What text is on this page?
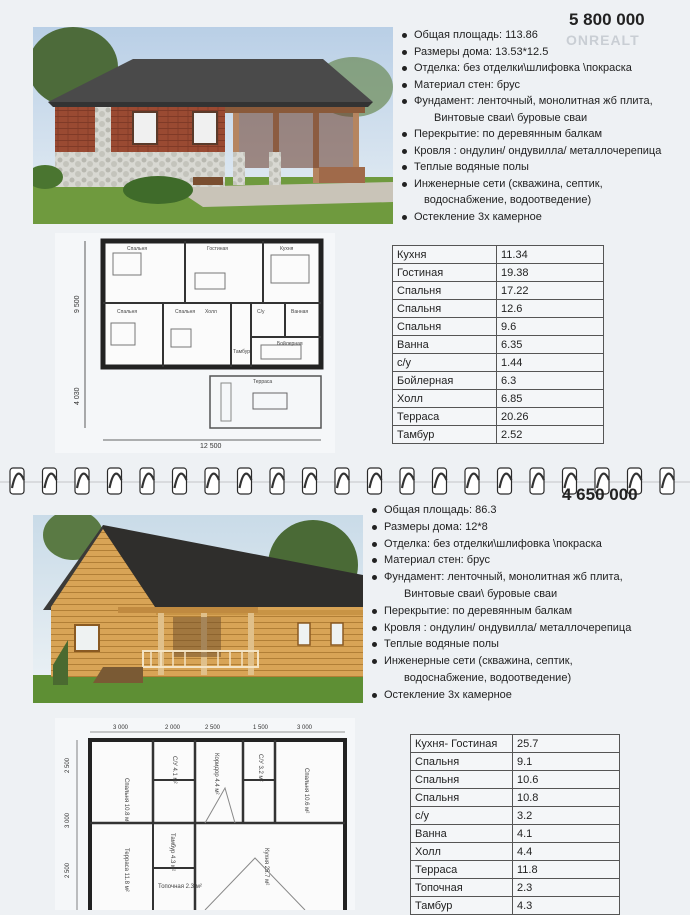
5 800 000
ONREALT
Общая площадь: 113.86
Размеры дома: 13.53*12.5
Отделка: без отделки\шлифовка \покраска
Материал стен: брус
Фундамент: ленточный, монолитная жб плита,
Винтовые сваи\ буровые сваи
Перекрытие: по деревянным балкам
Кровля : ондулин/ ондувилла/ металлочерепица
Теплые водяные полы
Инженерные сети (скважина, септик,
водоснабжение, водоотведение)
Остекление 3х камерное
Спальня	Гостиная	Кухня
Холл
Спальня	Спальня	С/у	Ванная
Бойлерная
Тамбур
Терраса
12 500
9 500
4 030
Кухня	11.34
Гостиная	19.38
Спальня	17.22
Спальня	12.6
Спальня	9.6
Ванна	6.35
с/у	1.44
Бойлерная	6.3
Холл	6.85
Терраса	20.26
Тамбур	2.52
4 650 000
Общая площадь: 86.3
Размеры дома: 12*8
Отделка: без отделки\шлифовка \покраска
Материал стен: брус
Фундамент: ленточный, монолитная жб плита,
Винтовые сваи\ буровые сваи
Перекрытие: по деревянным балкам
Кровля : ондулин/ ондувилла/ металлочерепица
Теплые водяные полы
Инженерные сети (скважина, септик,
водоснабжение, водоотведение)
Остекление 3х камерное
3 000	2 000	2 500	1 500	3 000
2 500
3 000
2 500
Спальня 10.8 м²
С/У 4.1 м²	Коридор 4.4 м²	С/У 3.2 м²
Спальня 10.6 м²
Терраса 11.8 м²	Тамбур 4.3 м²	Кухня 25.7 м²
Топочная 2.3 м²
Кухня- Гостиная	25.7
Спальня	9.1
Спальня	10.6
Спальня	10.8
с/у	3.2
Ванна	4.1
Холл	4.4
Терраса	11.8
Топочная	2.3
Тамбур	4.3
